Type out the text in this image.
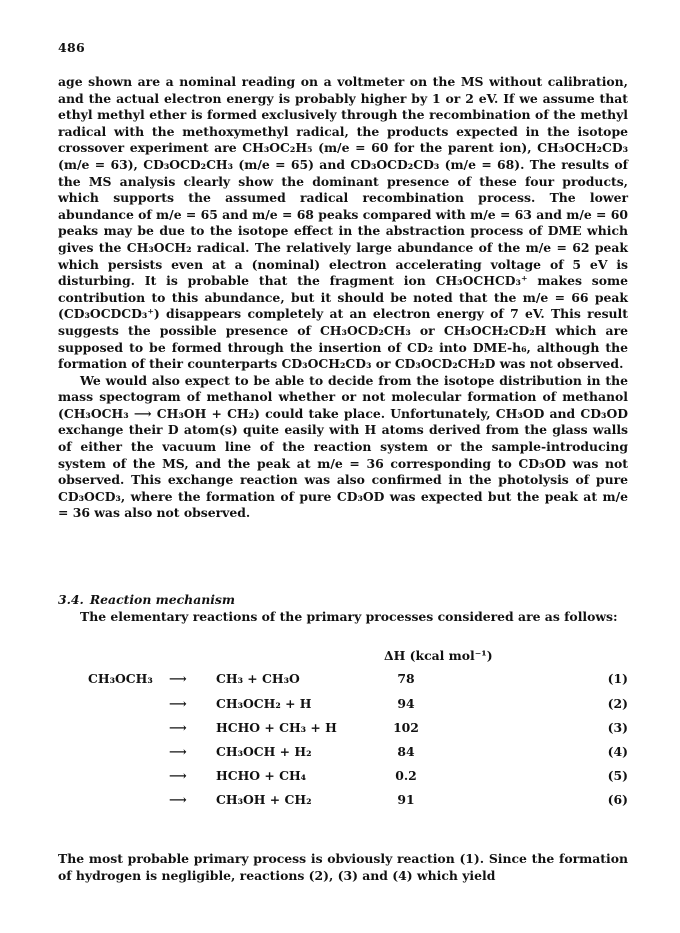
486

age shown are a nominal reading on a voltmeter on the MS without calibration, and the actual electron energy is probably higher by 1 or 2 eV. If we assume that ethyl methyl ether is formed exclusively through the recombination of the methyl radical with the methoxymethyl radical, the products expected in the isotope crossover experiment are CH₃OC₂H₅ (m/e = 60 for the parent ion), CH₃OCH₂CD₃ (m/e = 63), CD₃OCD₂CH₃ (m/e = 65) and CD₃OCD₂CD₃ (m/e = 68). The results of the MS analysis clearly show the dominant presence of these four products, which supports the assumed radical recombination process. The lower abundance of m/e = 65 and m/e = 68 peaks compared with m/e = 63 and m/e = 60 peaks may be due to the isotope effect in the abstraction process of DME which gives the CH₃OCH₂ radical. The relatively large abundance of the m/e = 62 peak which persists even at a (nominal) electron accelerating voltage of 5 eV is disturbing. It is probable that the fragment ion CH₃OCHCD₃⁺ makes some contribution to this abundance, but it should be noted that the m/e = 66 peak (CD₃OCDCD₃⁺) disappears completely at an electron energy of 7 eV. This result suggests the possible presence of CH₃OCD₂CH₃ or CH₃OCH₂CD₂H which are supposed to be formed through the insertion of CD₂ into DME-h₆, although the formation of their counterparts CD₃OCH₂CD₃ or CD₃OCD₂CH₂D was not observed.

We would also expect to be able to decide from the isotope distribution in the mass spectogram of methanol whether or not molecular formation of methanol (CH₃OCH₃ ⟶ CH₃OH + CH₂) could take place. Unfortunately, CH₃OD and CD₃OD exchange their D atom(s) quite easily with H atoms derived from the glass walls of either the vacuum line of the reaction system or the sample-introducing system of the MS, and the peak at m/e = 36 corresponding to CD₃OD was not observed. This exchange reaction was also confirmed in the photolysis of pure CD₃OCD₃, where the formation of pure CD₃OD was expected but the peak at m/e = 36 was also not observed.

3.4. Reaction mechanism

The elementary reactions of the primary processes considered are as follows:

ΔH (kcal mol⁻¹)
CH₃OCH₃ ⟶ CH₃ + CH₃O	78	(1)
⟶ CH₃OCH₂ + H	94	(2)
⟶ HCHO + CH₃ + H	102	(3)
⟶ CH₃OCH + H₂	84	(4)
⟶ HCHO + CH₄	0.2	(5)
⟶ CH₃OH + CH₂	91	(6)

The most probable primary process is obviously reaction (1). Since the formation of hydrogen is negligible, reactions (2), (3) and (4) which yield
